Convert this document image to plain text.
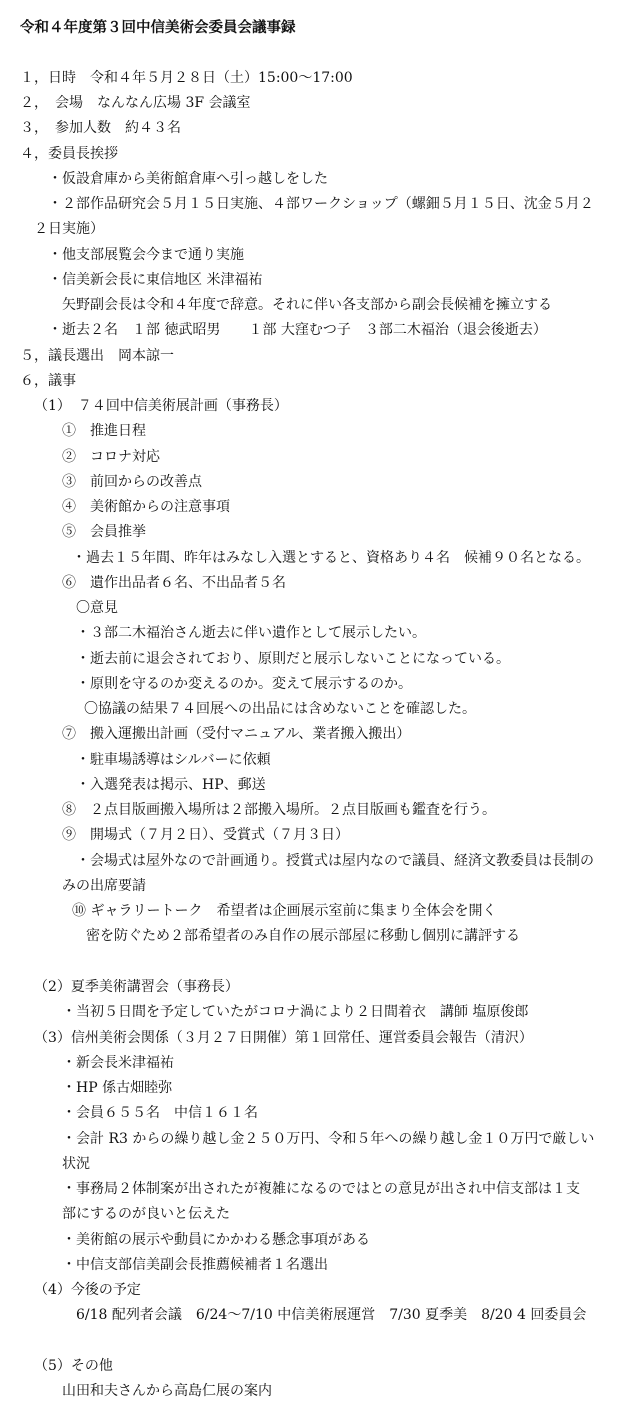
令和４年度第３回中信美術会委員会議事録
１，日時　令和４年５月２８日（土）15:00～17:00
２，　会場　なんなん広場 3F 会議室
３，　参加人数　約４３名
４，委員長挨拶
・仮設倉庫から美術館倉庫へ引っ越しをした
・２部作品研究会５月１５日実施、４部ワークショップ（螺鈿５月１５日、沈金５月２
２日実施）
・他支部展覧会今まで通り実施
・信美新会長に東信地区 米津福祐
矢野副会長は令和４年度で辞意。それに伴い各支部から副会長候補を擁立する
・逝去２名　１部 徳武昭男　　１部 大窪むつ子　３部二木福治（退会後逝去）
５，議長選出　岡本諒一
６，議事
（1）　７４回中信美術展計画（事務長）
①　推進日程
②　コロナ対応
③　前回からの改善点
④　美術館からの注意事項
⑤　会員推挙
・過去１５年間、昨年はみなし入選とすると、資格あり４名　候補９０名となる。
⑥　遺作出品者６名、不出品者５名
〇意見
・３部二木福治さん逝去に伴い遺作として展示したい。
・逝去前に退会されており、原則だと展示しないことになっている。
・原則を守るのか変えるのか。変えて展示するのか。
〇協議の結果７４回展への出品には含めないことを確認した。
⑦　搬入運搬出計画（受付マニュアル、業者搬入搬出）
・駐車場誘導はシルバーに依頼
・入選発表は掲示、HP、郵送
⑧　２点目版画搬入場所は２部搬入場所。２点目版画も鑑査を行う。
⑨　開場式（７月２日）、受賞式（７月３日）
・会場式は屋外なので計画通り。授賞式は屋内なので議員、経済文教委員は長制の
みの出席要請
⑩ ギャラリートーク　希望者は企画展示室前に集まり全体会を開く
密を防ぐため２部希望者のみ自作の展示部屋に移動し個別に講評する
（2）夏季美術講習会（事務長）
・当初５日間を予定していたがコロナ渦により２日間着衣　講師 塩原俊郎
（3）信州美術会関係（３月２７日開催）第１回常任、運営委員会報告（清沢）
・新会長米津福祐
・HP 係古畑睦弥
・会員６５５名　中信１６１名
・会計 R3 からの繰り越し金２５０万円、令和５年への繰り越し金１０万円で厳しい
状況
・事務局２体制案が出されたが複雑になるのではとの意見が出され中信支部は１支
部にするのが良いと伝えた
・美術館の展示や動員にかかわる懸念事項がある
・中信支部信美副会長推薦候補者１名選出
（4）今後の予定
6/18 配列者会議　6/24～7/10 中信美術展運営　7/30 夏季美　8/20 4 回委員会
（5）その他
山田和夫さんから高島仁展の案内
